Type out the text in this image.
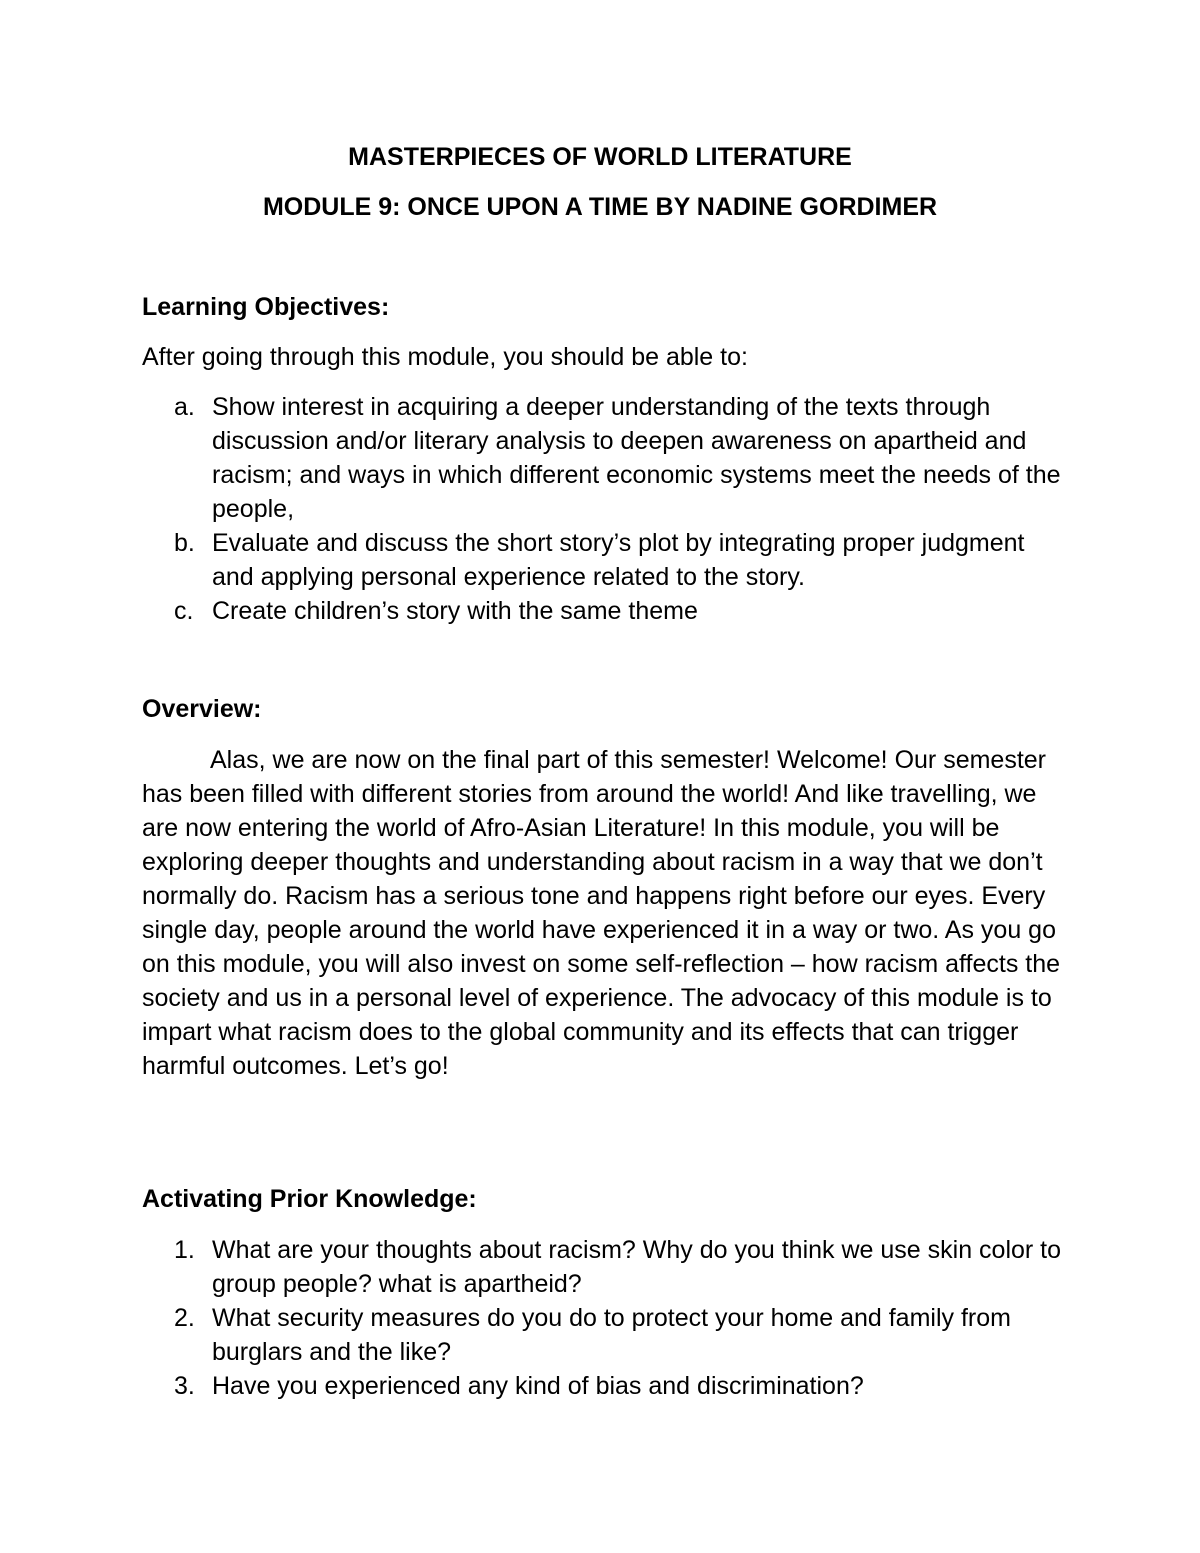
MASTERPIECES OF WORLD LITERATURE
MODULE 9: ONCE UPON A TIME BY NADINE GORDIMER
Learning Objectives:

After going through this module, you should be able to:

a. Show interest in acquiring a deeper understanding of the texts through discussion and/or literary analysis to deepen awareness on apartheid and racism; and ways in which different economic systems meet the needs of the people,
b. Evaluate and discuss the short story’s plot by integrating proper judgment and applying personal experience related to the story.
c. Create children’s story with the same theme
Overview:

Alas, we are now on the final part of this semester! Welcome! Our semester has been filled with different stories from around the world! And like travelling, we are now entering the world of Afro-Asian Literature! In this module, you will be exploring deeper thoughts and understanding about racism in a way that we don’t normally do. Racism has a serious tone and happens right before our eyes. Every single day, people around the world have experienced it in a way or two. As you go on this module, you will also invest on some self-reflection – how racism affects the society and us in a personal level of experience. The advocacy of this module is to impart what racism does to the global community and its effects that can trigger harmful outcomes. Let’s go!

Activating Prior Knowledge:
1. What are your thoughts about racism? Why do you think we use skin color to group people? what is apartheid?
2. What security measures do you do to protect your home and family from burglars and the like?
3. Have you experienced any kind of bias and discrimination?
